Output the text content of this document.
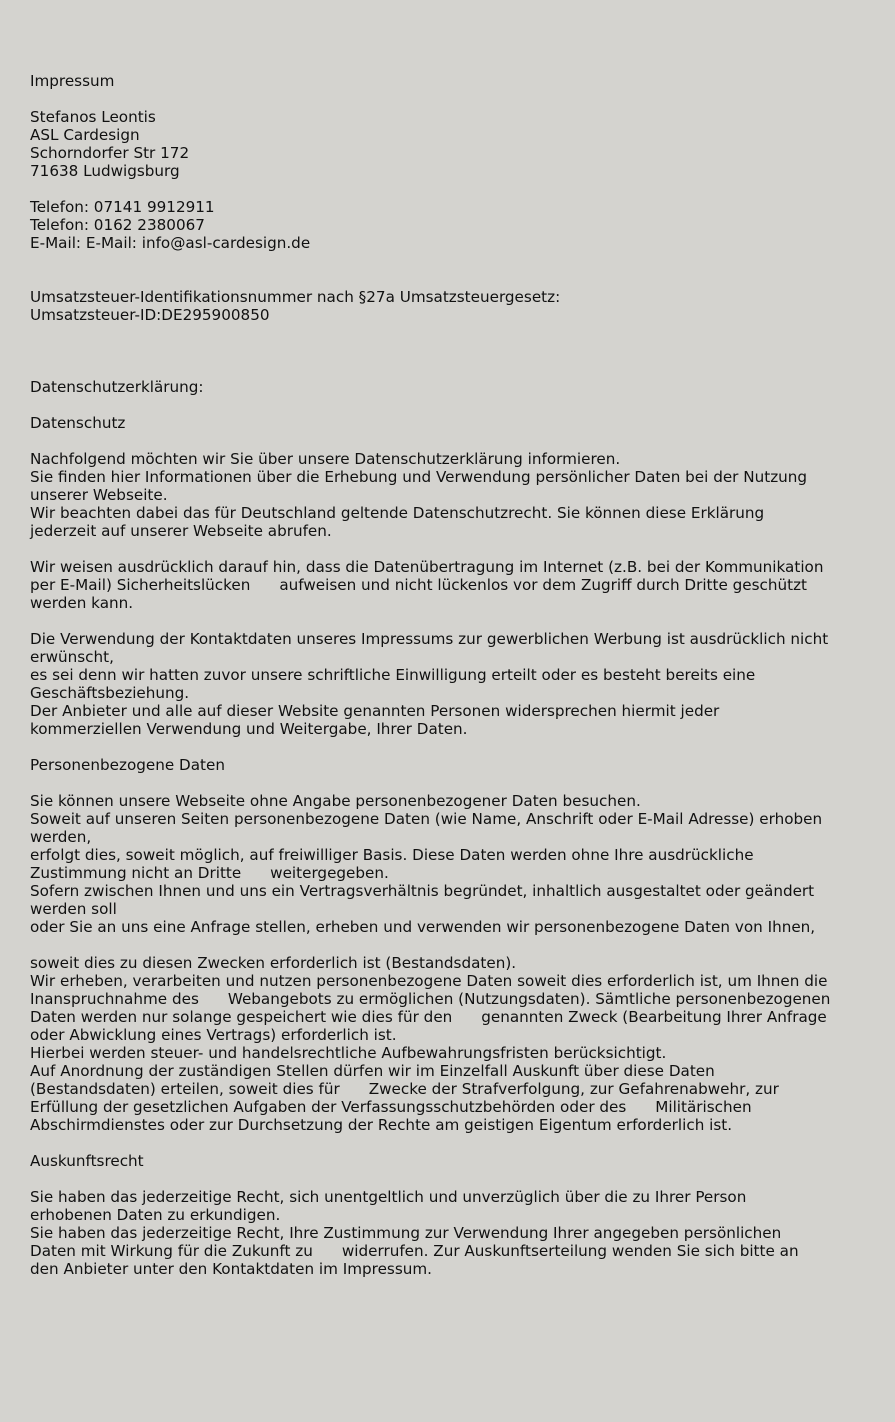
Impressum
Stefanos Leontis
ASL Cardesign
Schorndorfer Str 172
71638 Ludwigsburg
Telefon: 07141 9912911
Telefon: 0162 2380067
E-Mail: E-Mail: info@asl-cardesign.de
Umsatzsteuer-Identifikationsnummer nach §27a Umsatzsteuergesetz:
Umsatzsteuer-ID:DE295900850
Datenschutzerklärung:
Datenschutz
Nachfolgend möchten wir Sie über unsere Datenschutzerklärung informieren.
Sie finden hier Informationen über die Erhebung und Verwendung persönlicher Daten bei der Nutzung
unserer Webseite.
Wir beachten dabei das für Deutschland geltende Datenschutzrecht. Sie können diese Erklärung
jederzeit auf unserer Webseite abrufen.
Wir weisen ausdrücklich darauf hin, dass die Datenübertragung im Internet (z.B. bei der Kommunikation
per E-Mail) Sicherheitslücken      aufweisen und nicht lückenlos vor dem Zugriff durch Dritte geschützt
werden kann.
Die Verwendung der Kontaktdaten unseres Impressums zur gewerblichen Werbung ist ausdrücklich nicht
erwünscht,
es sei denn wir hatten zuvor unsere schriftliche Einwilligung erteilt oder es besteht bereits eine
Geschäftsbeziehung.
Der Anbieter und alle auf dieser Website genannten Personen widersprechen hiermit jeder
kommerziellen Verwendung und Weitergabe, Ihrer Daten.
Personenbezogene Daten
Sie können unsere Webseite ohne Angabe personenbezogener Daten besuchen.
Soweit auf unseren Seiten personenbezogene Daten (wie Name, Anschrift oder E-Mail Adresse) erhoben
werden,
erfolgt dies, soweit möglich, auf freiwilliger Basis. Diese Daten werden ohne Ihre ausdrückliche
Zustimmung nicht an Dritte      weitergegeben.
Sofern zwischen Ihnen und uns ein Vertragsverhältnis begründet, inhaltlich ausgestaltet oder geändert
werden soll
oder Sie an uns eine Anfrage stellen, erheben und verwenden wir personenbezogene Daten von Ihnen,
soweit dies zu diesen Zwecken erforderlich ist (Bestandsdaten).
Wir erheben, verarbeiten und nutzen personenbezogene Daten soweit dies erforderlich ist, um Ihnen die
Inanspruchnahme des      Webangebots zu ermöglichen (Nutzungsdaten). Sämtliche personenbezogenen
Daten werden nur solange gespeichert wie dies für den      genannten Zweck (Bearbeitung Ihrer Anfrage
oder Abwicklung eines Vertrags) erforderlich ist.
Hierbei werden steuer- und handelsrechtliche Aufbewahrungsfristen berücksichtigt.
Auf Anordnung der zuständigen Stellen dürfen wir im Einzelfall Auskunft über diese Daten
(Bestandsdaten) erteilen, soweit dies für      Zwecke der Strafverfolgung, zur Gefahrenabwehr, zur
Erfüllung der gesetzlichen Aufgaben der Verfassungsschutzbehörden oder des      Militärischen
Abschirmdienstes oder zur Durchsetzung der Rechte am geistigen Eigentum erforderlich ist.
Auskunftsrecht
Sie haben das jederzeitige Recht, sich unentgeltlich und unverzüglich über die zu Ihrer Person
erhobenen Daten zu erkundigen.
Sie haben das jederzeitige Recht, Ihre Zustimmung zur Verwendung Ihrer angegeben persönlichen
Daten mit Wirkung für die Zukunft zu      widerrufen. Zur Auskunftserteilung wenden Sie sich bitte an
den Anbieter unter den Kontaktdaten im Impressum.
